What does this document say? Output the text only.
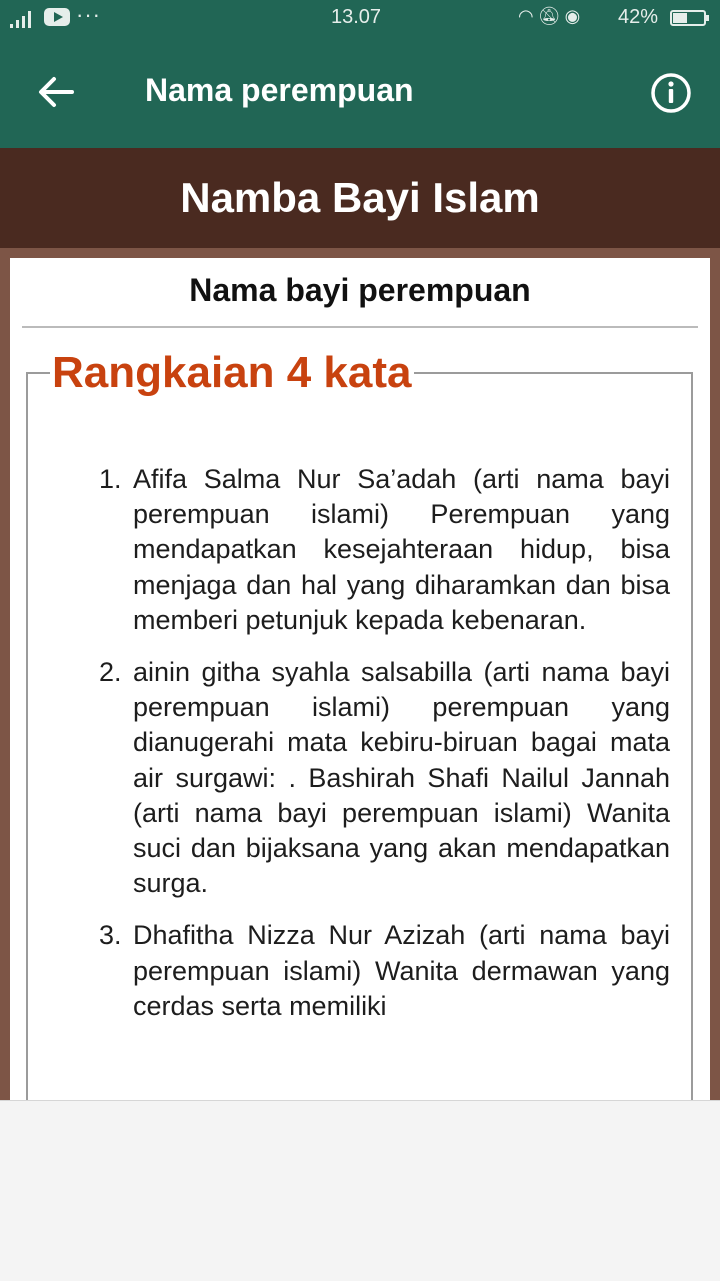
···	13.07	◠🔕︎◉ 42%
Nama perempuan
Namba Bayi Islam
Nama bayi perempuan
Rangkaian 4 kata
1. Afifa Salma Nur Sa’adah (arti nama bayi perempuan islami) Perempuan yang mendapatkan kesejahteraan hidup, bisa menjaga dan hal yang diharamkan dan bisa memberi petunjuk kepada kebenaran.
2. ainin githa syahla salsabilla (arti nama bayi perempuan islami) perempuan yang dianugerahi mata kebiru-biruan bagai mata air surgawi: . Bashirah Shafi Nailul Jannah (arti nama bayi perempuan islami) Wanita suci dan bijaksana yang akan mendapatkan surga.
3. Dhafitha Nizza Nur Azizah (arti nama bayi perempuan islami) Wanita dermawan yang cerdas serta memiliki
